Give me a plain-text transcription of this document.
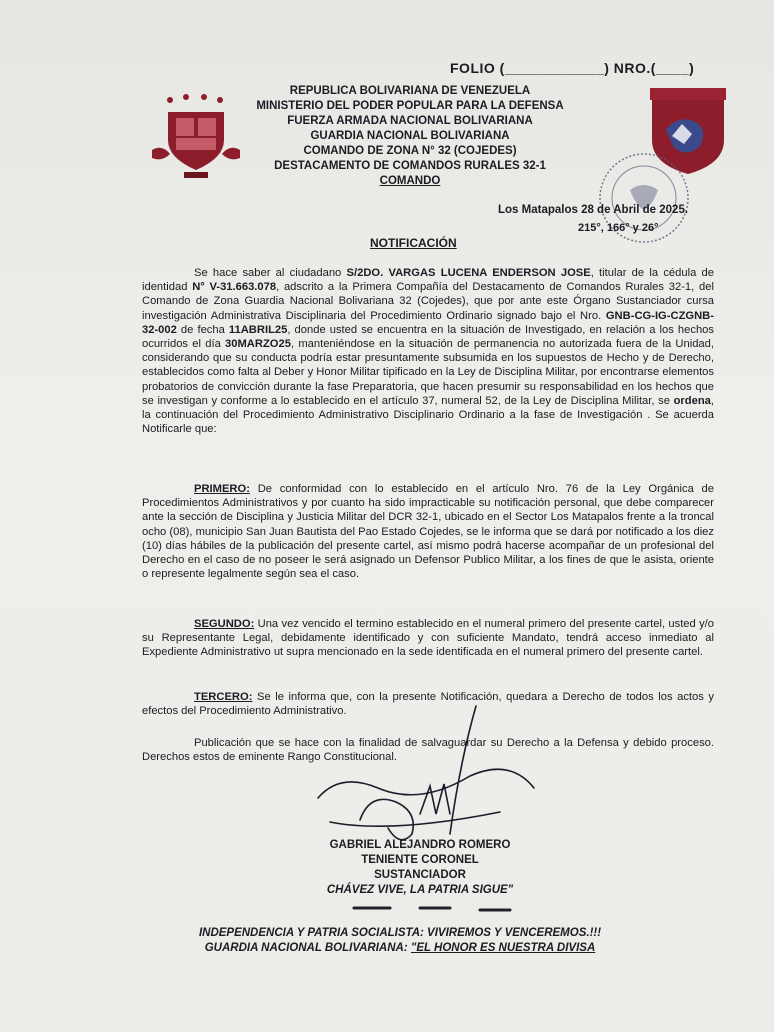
FOLIO (____________) NRO.(____)
REPUBLICA BOLIVARIANA DE VENEZUELA
MINISTERIO DEL PODER POPULAR PARA LA DEFENSA
FUERZA ARMADA NACIONAL BOLIVARIANA
GUARDIA NACIONAL BOLIVARIANA
COMANDO DE ZONA N° 32 (COJEDES)
DESTACAMENTO DE COMANDOS RURALES 32-1
COMANDO
Los Matapalos 28 de Abril de 2025.
215°, 166° y 26°
NOTIFICACIÓN

Se hace saber al ciudadano S/2DO. VARGAS LUCENA ENDERSON JOSE, titular de la cédula de identidad N° V-31.663.078, adscrito a la Primera Compañía del Destacamento de Comandos Rurales 32-1, del Comando de Zona Guardia Nacional Bolivariana 32 (Cojedes), que por ante este Órgano Sustanciador cursa investigación Administrativa Disciplinaria del Procedimiento Ordinario signado bajo el Nro. GNB-CG-IG-CZGNB-32-002 de fecha 11ABRIL25, donde usted se encuentra en la situación de Investigado, en relación a los hechos ocurridos el día 30MARZO25, manteniéndose en la situación de permanencia no autorizada fuera de la Unidad, considerando que su conducta podría estar presuntamente subsumida en los supuestos de Hecho y de Derecho, establecidos como falta al Deber y Honor Militar tipificado en la Ley de Disciplina Militar, por encontrarse elementos probatorios de convicción durante la fase Preparatoria, que hacen presumir su responsabilidad en los hechos que se investigan y conforme a lo establecido en el artículo 37, numeral 52, de la Ley de Disciplina Militar, se ordena, la continuación del Procedimiento Administrativo Disciplinario Ordinario a la fase de Investigación . Se acuerda Notificarle que:

PRIMERO: De conformidad con lo establecido en el artículo Nro. 76 de la Ley Orgánica de Procedimientos Administrativos y por cuanto ha sido impracticable su notificación personal, que debe comparecer ante la sección de Disciplina y Justicia Militar del DCR 32-1, ubicado en el Sector Los Matapalos frente a la troncal ocho (08), municipio San Juan Bautista del Pao Estado Cojedes, se le informa que se dará por notificado a los diez (10) días hábiles de la publicación del presente cartel, así mismo podrá hacerse acompañar de un profesional del Derecho en el caso de no poseer le será asignado un Defensor Publico Militar, a los fines de que le asista, oriente o represente legalmente según sea el caso.

SEGUNDO: Una vez vencido el termino establecido en el numeral primero del presente cartel, usted y/o su Representante Legal, debidamente identificado y con suficiente Mandato, tendrá acceso inmediato al Expediente Administrativo ut supra mencionado en la sede identificada en el numeral primero del presente cartel.

TERCERO: Se le informa que, con la presente Notificación, quedara a Derecho de todos los actos y efectos del Procedimiento Administrativo.

Publicación que se hace con la finalidad de salvaguardar su Derecho a la Defensa y debido proceso. Derechos estos de eminente Rango Constitucional.

GABRIEL ALEJANDRO ROMERO
TENIENTE CORONEL
SUSTANCIADOR
CHÁVEZ VIVE, LA PATRIA SIGUE"
INDEPENDENCIA Y PATRIA SOCIALISTA: VIVIREMOS Y VENCEREMOS.!!!
GUARDIA NACIONAL BOLIVARIANA: "EL HONOR ES NUESTRA DIVISA
